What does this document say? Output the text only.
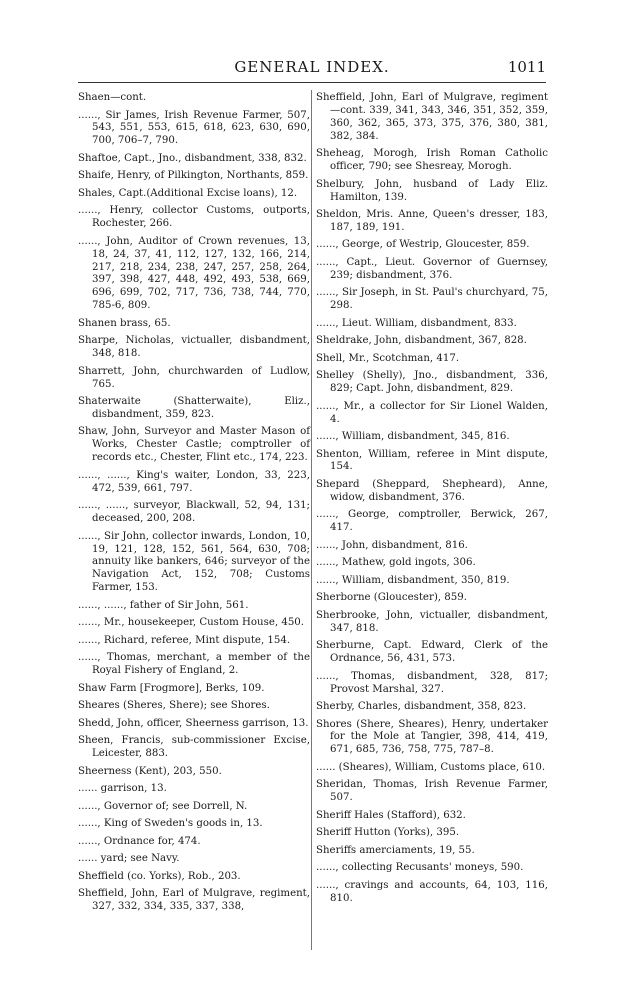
GENERAL INDEX.	1011

Shaen—cont.

......, Sir James, Irish Revenue Farmer, 507, 543, 551, 553, 615, 618, 623, 630, 690, 700, 706–7, 790.

Shaftoe, Capt., Jno., disbandment, 338, 832.

Shaife, Henry, of Pilkington, Northants, 859.

Shales, Capt.(Additional Excise loans), 12.

......, Henry, collector Customs, outports, Rochester, 266.

......, John, Auditor of Crown revenues, 13, 18, 24, 37, 41, 112, 127, 132, 166, 214, 217, 218, 234, 238, 247, 257, 258, 264, 397, 398, 427, 448, 492, 493, 538, 669, 696, 699, 702, 717, 736, 738, 744, 770, 785-6, 809.

Shanen brass, 65.

Sharpe, Nicholas, victualler, disbandment, 348, 818.

Sharrett, John, churchwarden of Ludlow, 765.

Shaterwaite (Shatterwaite), Eliz., disbandment, 359, 823.

Shaw, John, Surveyor and Master Mason of Works, Chester Castle; comptroller of records etc., Chester, Flint etc., 174, 223.

......, ......, King's waiter, London, 33, 223, 472, 539, 661, 797.

......, ......, surveyor, Blackwall, 52, 94, 131; deceased, 200, 208.

......, Sir John, collector inwards, London, 10, 19, 121, 128, 152, 561, 564, 630, 708; annuity like bankers, 646; surveyor of the Navigation Act, 152, 708; Customs Farmer, 153.

......, ......, father of Sir John, 561.

......, Mr., housekeeper, Custom House, 450.

......, Richard, referee, Mint dispute, 154.

......, Thomas, merchant, a member of the Royal Fishery of England, 2.

Shaw Farm [Frogmore], Berks, 109.

Sheares (Sheres, Shere); see Shores.

Shedd, John, officer, Sheerness garrison, 13.

Sheen, Francis, sub-commissioner Excise, Leicester, 883.

Sheerness (Kent), 203, 550.

...... garrison, 13.

......, Governor of; see Dorrell, N.

......, King of Sweden's goods in, 13.

......, Ordnance for, 474.

...... yard; see Navy.

Sheffield (co. Yorks), Rob., 203.

Sheffield, John, Earl of Mulgrave, regiment, 327, 332, 334, 335, 337, 338,

Sheffield, John, Earl of Mulgrave, regiment—cont. 339, 341, 343, 346, 351, 352, 359, 360, 362, 365, 373, 375, 376, 380, 381, 382, 384.

Sheheag, Morogh, Irish Roman Catholic officer, 790; see Shesreay, Morogh.

Shelbury, John, husband of Lady Eliz. Hamilton, 139.

Sheldon, Mris. Anne, Queen's dresser, 183, 187, 189, 191.

......, George, of Westrip, Gloucester, 859.

......, Capt., Lieut. Governor of Guernsey, 239; disbandment, 376.

......, Sir Joseph, in St. Paul's churchyard, 75, 298.

......, Lieut. William, disbandment, 833.

Sheldrake, John, disbandment, 367, 828.

Shell, Mr., Scotchman, 417.

Shelley (Shelly), Jno., disbandment, 336, 829; Capt. John, disbandment, 829.

......, Mr., a collector for Sir Lionel Walden, 4.

......, William, disbandment, 345, 816.

Shenton, William, referee in Mint dispute, 154.

Shepard (Sheppard, Shepheard), Anne, widow, disbandment, 376.

......, George, comptroller, Berwick, 267, 417.

......, John, disbandment, 816.

......, Mathew, gold ingots, 306.

......, William, disbandment, 350, 819.

Sherborne (Gloucester), 859.

Sherbrooke, John, victualler, disbandment, 347, 818.

Sherburne, Capt. Edward, Clerk of the Ordnance, 56, 431, 573.

......, Thomas, disbandment, 328, 817; Provost Marshal, 327.

Sherby, Charles, disbandment, 358, 823.

Shores (Shere, Sheares), Henry, undertaker for the Mole at Tangier, 398, 414, 419, 671, 685, 736, 758, 775, 787–8.

...... (Sheares), William, Customs place, 610.

Sheridan, Thomas, Irish Revenue Farmer, 507.

Sheriff Hales (Stafford), 632.

Sheriff Hutton (Yorks), 395.

Sheriffs amerciaments, 19, 55.

......, collecting Recusants' moneys, 590.

......, cravings and accounts, 64, 103, 116, 810.
